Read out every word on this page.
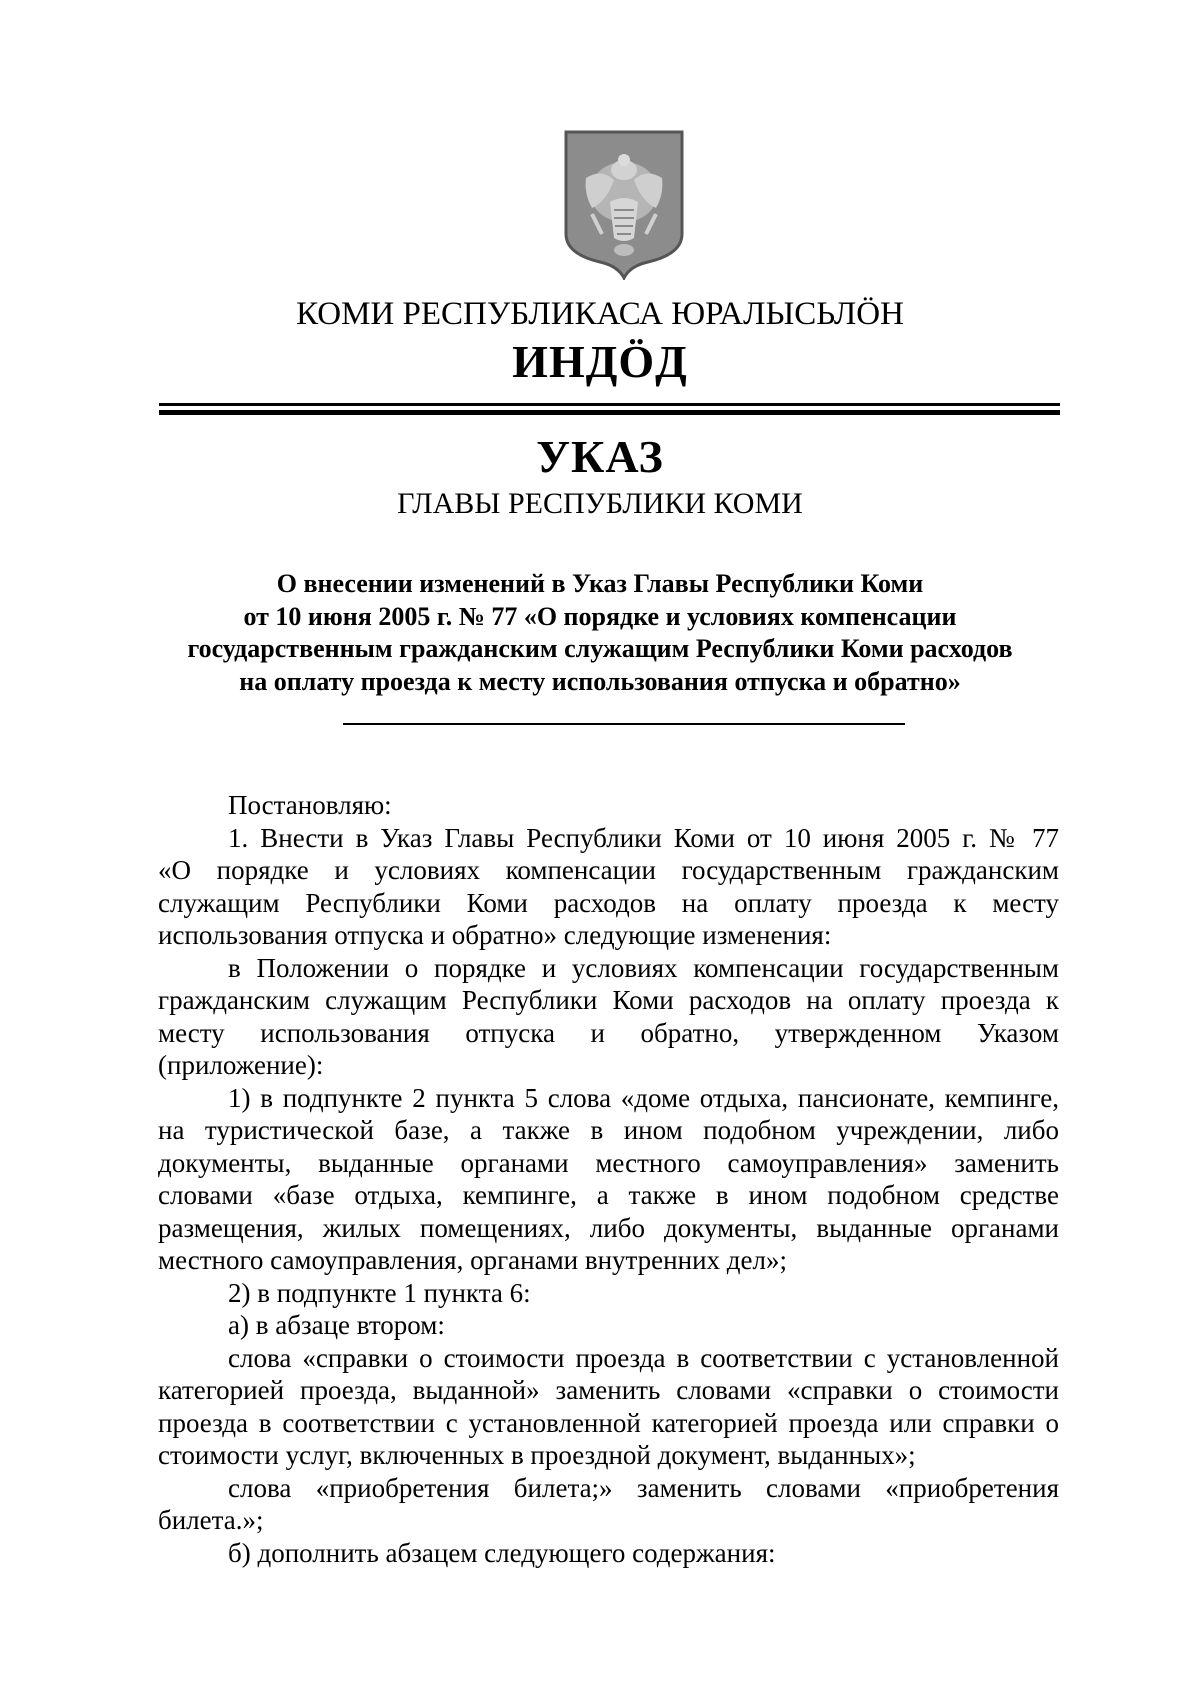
КОМИ РЕСПУБЛИКАСА ЮРАЛЫСЬЛӦН
ИНДӦД
УКАЗ
ГЛАВЫ РЕСПУБЛИКИ КОМИ
О внесении изменений в Указ Главы Республики Коми
от 10 июня 2005 г. № 77 «О порядке и условиях компенсации
государственным гражданским служащим Республики Коми расходов
на оплату проезда к месту использования отпуска и обратно»
Постановляю:
1. Внести в Указ Главы Республики Коми от 10 июня 2005 г. № 77
«О порядке и условиях компенсации государственным гражданским
служащим Республики Коми расходов на оплату проезда к месту
использования отпуска и обратно» следующие изменения:
в Положении о порядке и условиях компенсации государственным
гражданским служащим Республики Коми расходов на оплату проезда к
месту использования отпуска и обратно, утвержденном Указом
(приложение):
1) в подпункте 2 пункта 5 слова «доме отдыха, пансионате, кемпинге,
на туристической базе, а также в ином подобном учреждении, либо
документы, выданные органами местного самоуправления» заменить
словами «базе отдыха, кемпинге, а также в ином подобном средстве
размещения, жилых помещениях, либо документы, выданные органами
местного самоуправления, органами внутренних дел»;
2) в подпункте 1 пункта 6:
а) в абзаце втором:
слова «справки о стоимости проезда в соответствии с установленной
категорией проезда, выданной» заменить словами «справки о стоимости
проезда в соответствии с установленной категорией проезда или справки о
стоимости услуг, включенных в проездной документ, выданных»;
слова «приобретения билета;» заменить словами «приобретения
билета.»;
б) дополнить абзацем следующего содержания:
